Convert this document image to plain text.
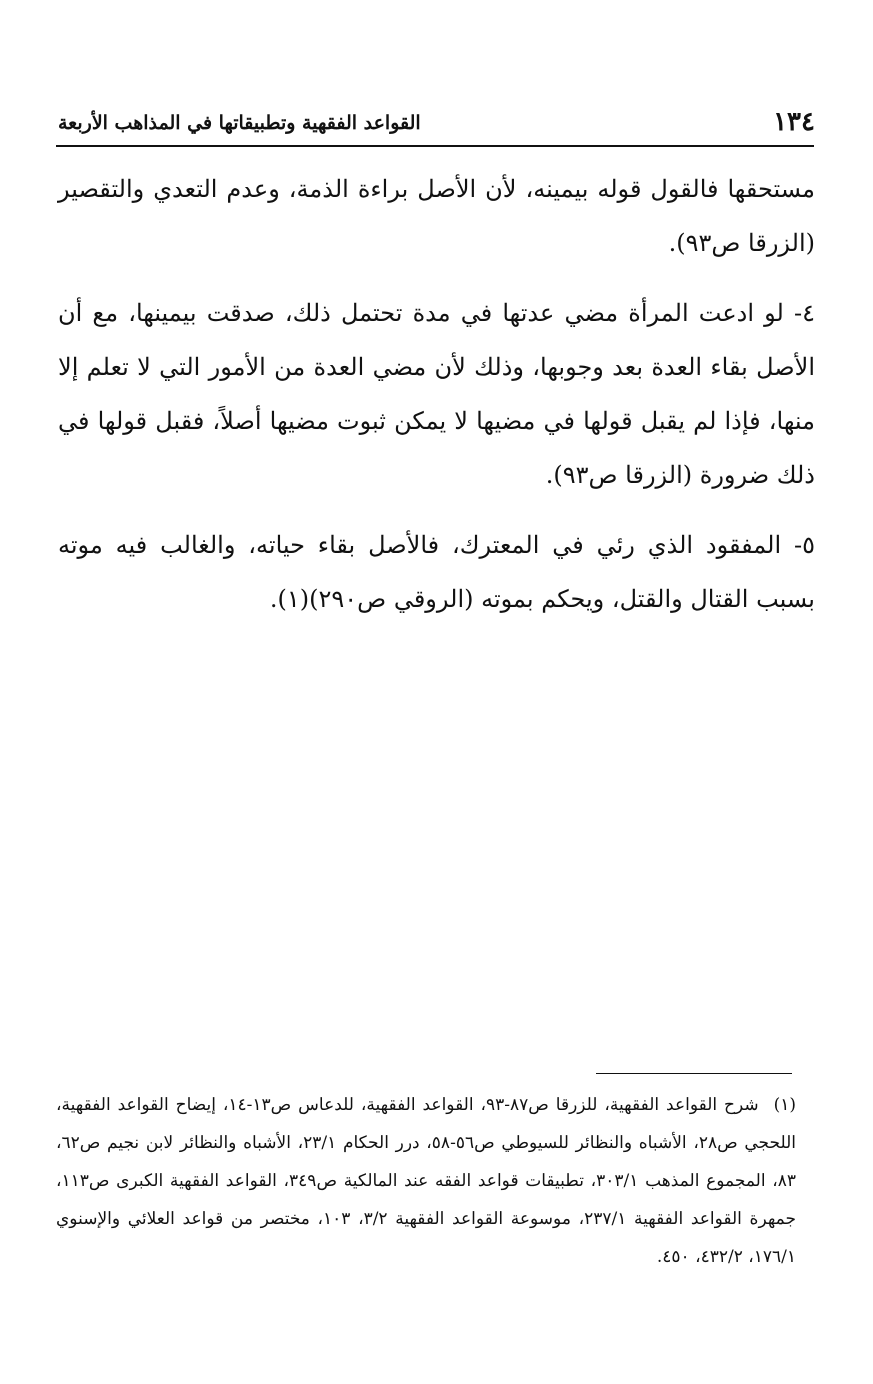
١٣٤
القواعد الفقهية وتطبيقاتها في المذاهب الأربعة

مستحقها فالقول قوله بيمينه، لأن الأصل براءة الذمة، وعدم التعدي والتقصير (الزرقا ص٩٣).

٤- لو ادعت المرأة مضي عدتها في مدة تحتمل ذلك، صدقت بيمينها، مع أن الأصل بقاء العدة بعد وجوبها، وذلك لأن مضي العدة من الأمور التي لا تعلم إلا منها، فإذا لم يقبل قولها في مضيها لا يمكن ثبوت مضيها أصلاً، فقبل قولها في ذلك ضرورة (الزرقا ص٩٣).

٥- المفقود الذي رئي في المعترك، فالأصل بقاء حياته، والغالب فيه موته بسبب القتال والقتل، ويحكم بموته (الروقي ص٢٩٠)(١).

(١) شرح القواعد الفقهية، للزرقا ص٨٧-٩٣، القواعد الفقهية، للدعاس ص١٣-١٤، إيضاح القواعد الفقهية، اللحجي ص٢٨، الأشباه والنظائر للسيوطي ص٥٦-٥٨، درر الحكام ٢٣/١، الأشباه والنظائر لابن نجيم ص٦٢، ٨٣، المجموع المذهب ٣٠٣/١، تطبيقات قواعد الفقه عند المالكية ص٣٤٩، القواعد الفقهية الكبرى ص١١٣، جمهرة القواعد الفقهية ٢٣٧/١، موسوعة القواعد الفقهية ٣/٢، ١٠٣، مختصر من قواعد العلائي والإسنوي ١٧٦/١، ٤٣٢/٢، ٤٥٠.
